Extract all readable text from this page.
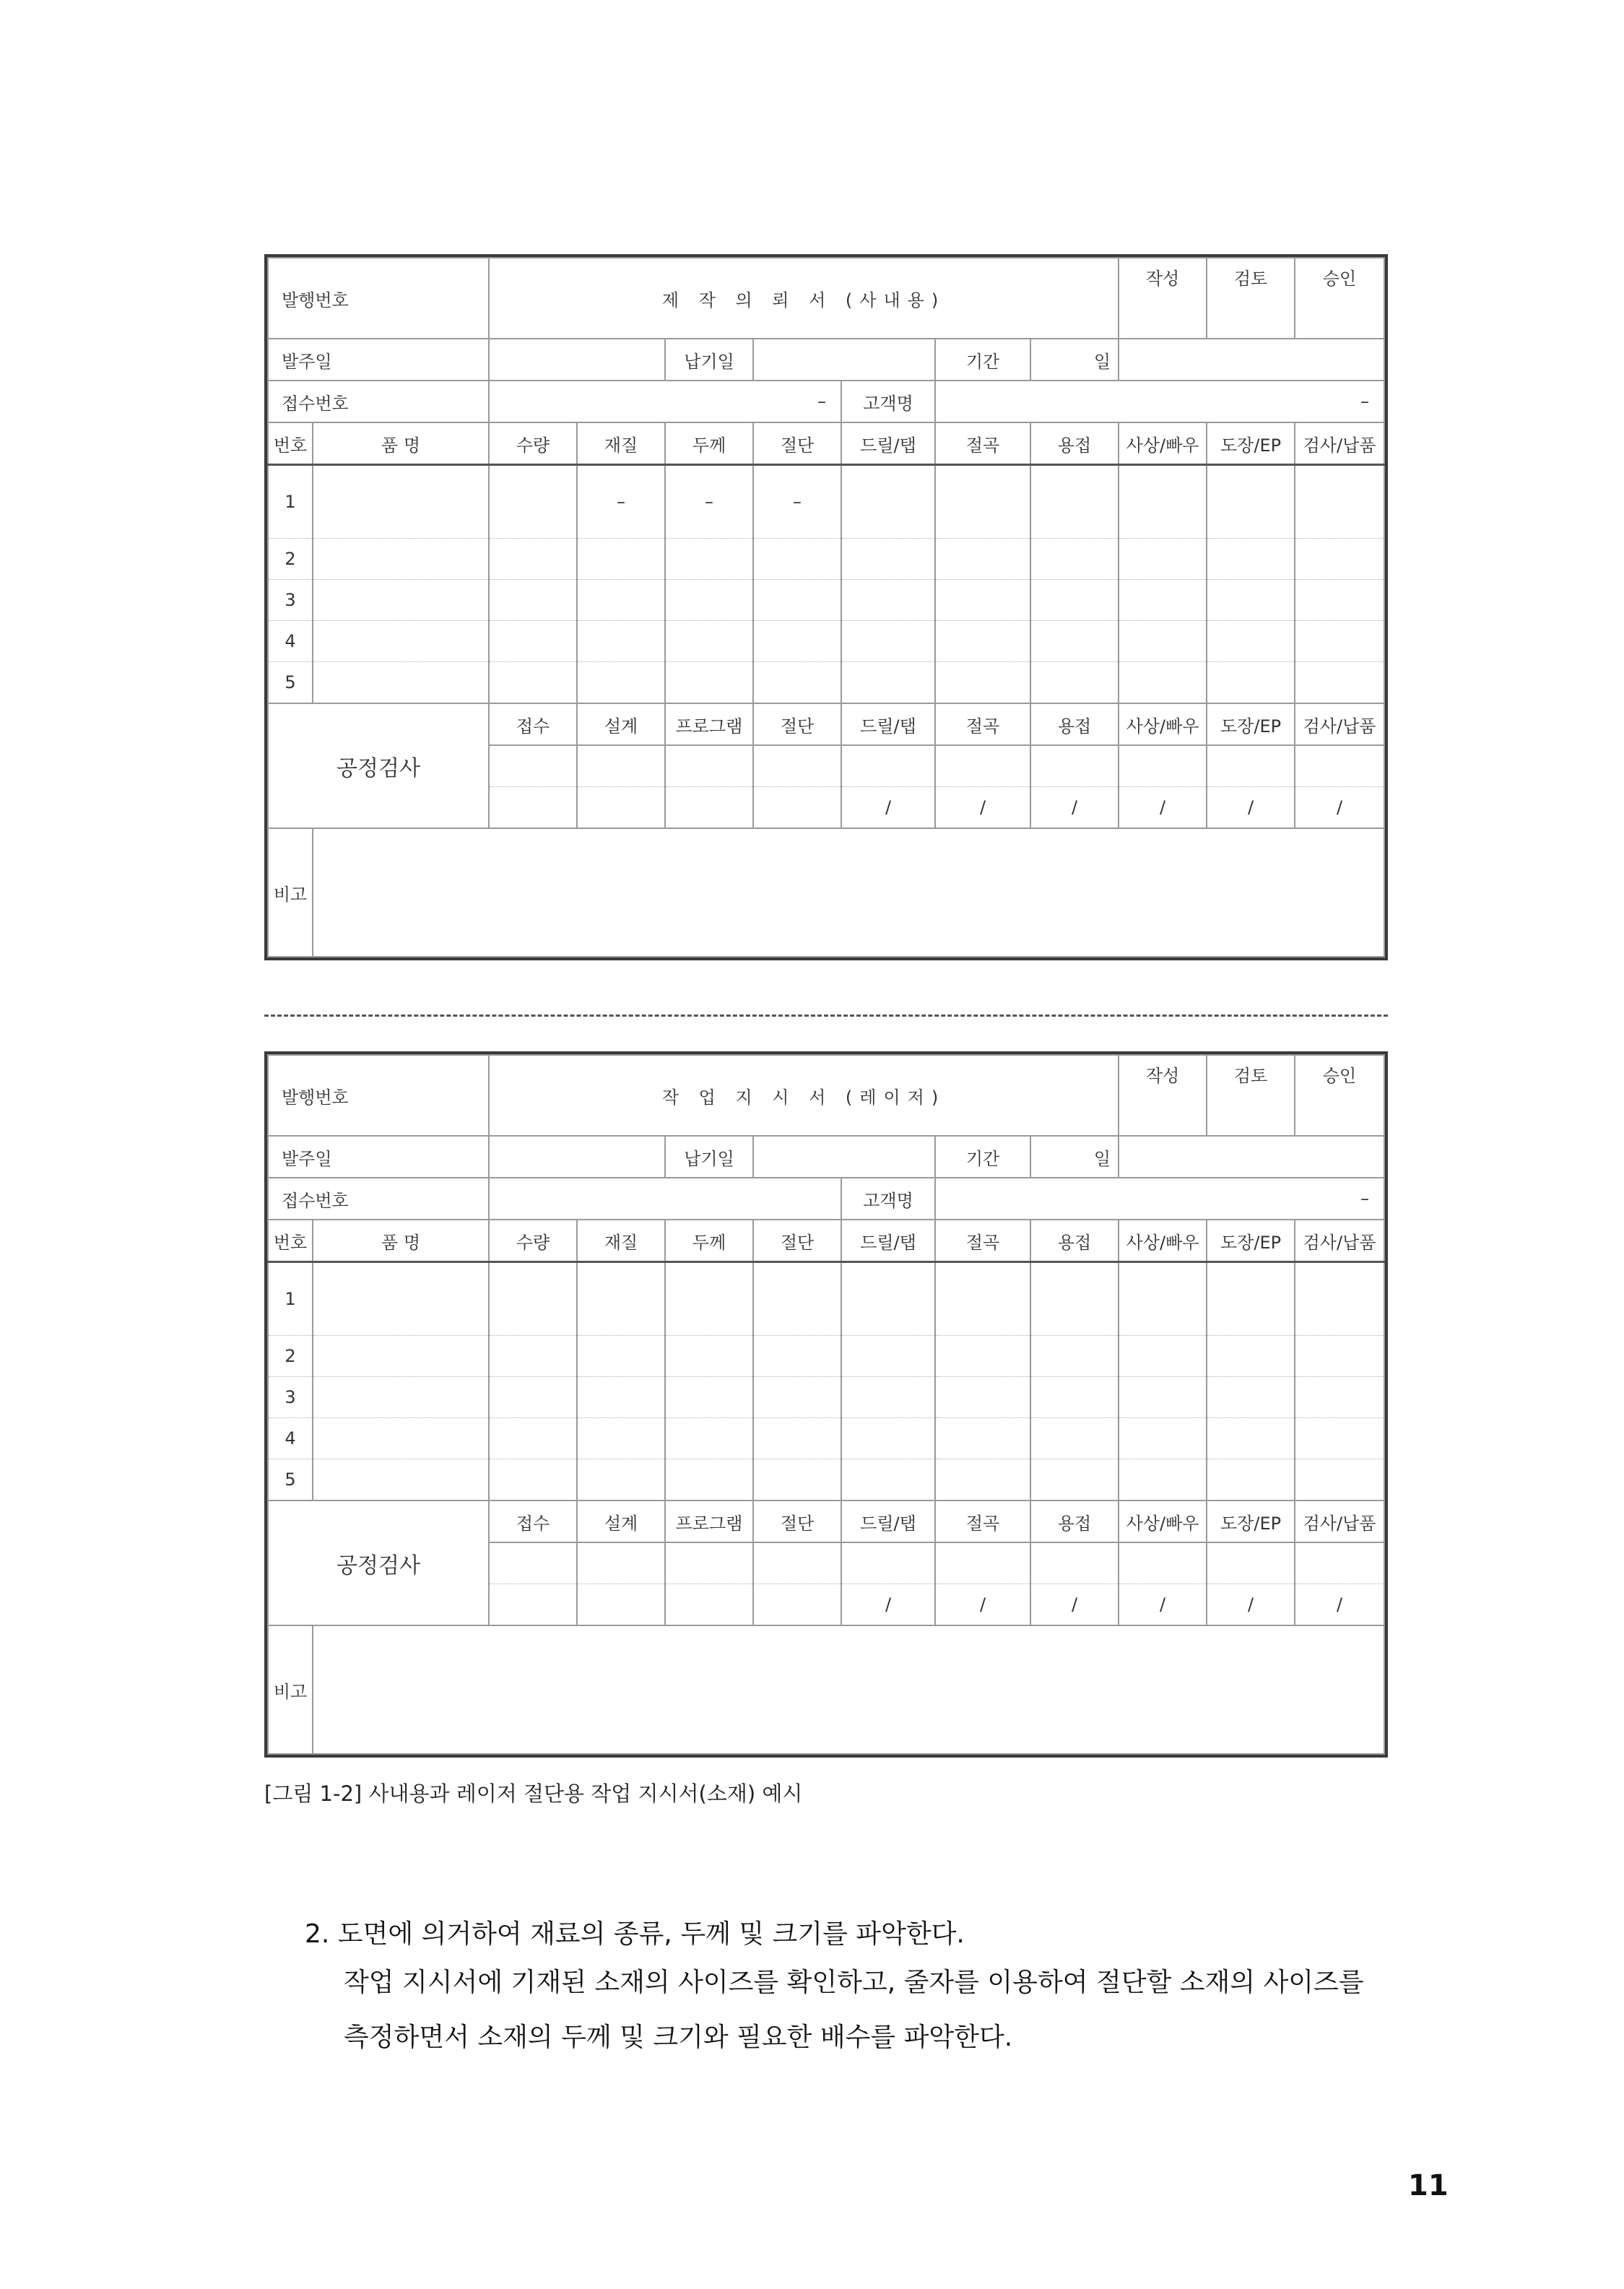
발행번호		제 작 의 뢰 서 (사내용)							작성	검토	승인
발주일				납기일			기간	일			
접수번호		–				고객명	–				
번호	품 명	수량	재질	두께	절단	드릴/탭	절곡	용접	사상/빠우	도장/EP	검사/납품
1			–	–	–						
2											
3											
4											
5											
공정검사		접수	설계	프로그램	절단	드릴/탭	절곡	용접	사상/빠우	도장/EP	검사/납품

						/	/	/	/	/	/
비고											
발행번호		작 업 지 시 서 (레이저)							작성	검토	승인
발주일				납기일			기간	일			
접수번호						고객명	–				
번호	품 명	수량	재질	두께	절단	드릴/탭	절곡	용접	사상/빠우	도장/EP	검사/납품
1											
2											
3											
4											
5											
공정검사		접수	설계	프로그램	절단	드릴/탭	절곡	용접	사상/빠우	도장/EP	검사/납품

						/	/	/	/	/	/
비고											
[그림 1-2] 사내용과 레이저 절단용 작업 지시서(소재) 예시
2. 도면에 의거하여 재료의 종류, 두께 및 크기를 파악한다.
작업 지시서에 기재된 소재의 사이즈를 확인하고, 줄자를 이용하여 절단할 소재의 사이즈를
측정하면서 소재의 두께 및 크기와 필요한 배수를 파악한다.
11
